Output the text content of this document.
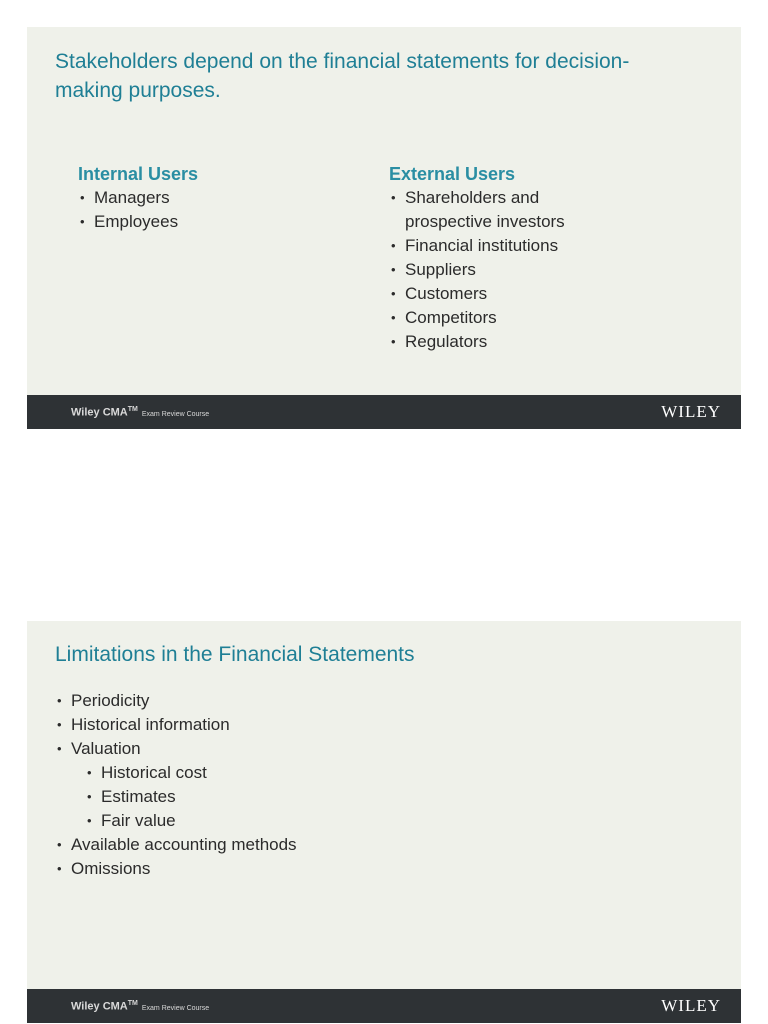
Stakeholders depend on the financial statements for decision-making purposes.
Internal Users
• Managers
• Employees
External Users
• Shareholders and prospective investors
• Financial institutions
• Suppliers
• Customers
• Competitors
• Regulators
Wiley CMA™Exam Review Course	WILEY
Limitations in the Financial Statements
• Periodicity
• Historical information
• Valuation
• Historical cost
• Estimates
• Fair value
• Available accounting methods
• Omissions
Wiley CMA™Exam Review Course	WILEY
